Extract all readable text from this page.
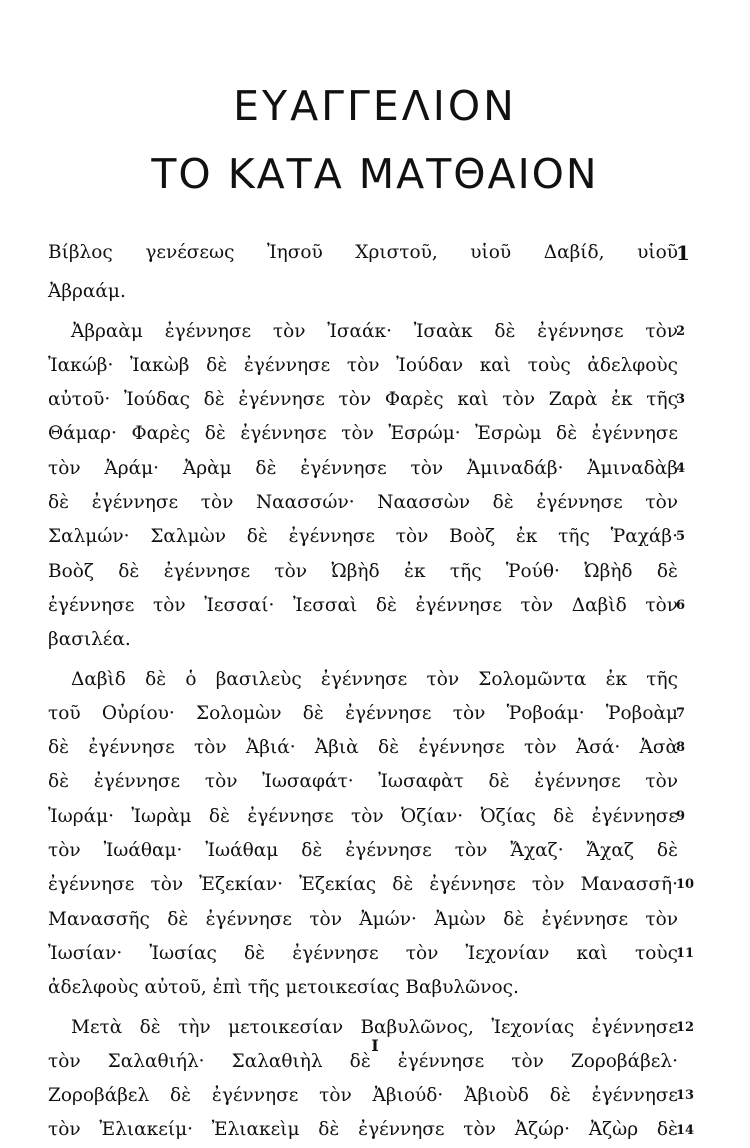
ΕΥΑΓΓΕΛΙΟΝ
ΤΟ ΚΑΤΑ ΜΑΤΘΑΙΟΝ
Βίβλος γενέσεως Ἰησοῦ Χριστοῦ, υἱοῦ Δαβίδ, υἱοῦ
Ἀβραάμ.
Ἀβραὰμ ἐγέννησε τὸν Ἰσαάκ· Ἰσαὰκ δὲ ἐγέννησε τὸν
Ἰακώβ· Ἰακὼβ δὲ ἐγέννησε τὸν Ἰούδαν καὶ τοὺς ἀδελφοὺς
αὐτοῦ· Ἰούδας δὲ ἐγέννησε τὸν Φαρὲς καὶ τὸν Ζαρὰ ἐκ τῆς
Θάμαρ· Φαρὲς δὲ ἐγέννησε τὸν Ἐσρώμ· Ἐσρὼμ δὲ ἐγέννησε
τὸν Ἀράμ· Ἀρὰμ δὲ ἐγέννησε τὸν Ἀμιναδάβ· Ἀμιναδὰβ
δὲ ἐγέννησε τὸν Ναασσών· Ναασσὼν δὲ ἐγέννησε τὸν
Σαλμών· Σαλμὼν δὲ ἐγέννησε τὸν Βοὸζ ἐκ τῆς Ῥαχάβ·
Βοὸζ δὲ ἐγέννησε τὸν Ὠβὴδ ἐκ τῆς Ῥούθ· Ὠβὴδ δὲ
ἐγέννησε τὸν Ἰεσσαί· Ἰεσσαὶ δὲ ἐγέννησε τὸν Δαβὶδ τὸν
βασιλέα.
Δαβὶδ δὲ ὁ βασιλεὺς ἐγέννησε τὸν Σολομῶντα ἐκ τῆς
τοῦ Οὐρίου· Σολομὼν δὲ ἐγέννησε τὸν Ῥοβοάμ· Ῥοβοὰμ
δὲ ἐγέννησε τὸν Ἀβιά· Ἀβιὰ δὲ ἐγέννησε τὸν Ἀσά· Ἀσὰ
δὲ ἐγέννησε τὸν Ἰωσαφάτ· Ἰωσαφὰτ δὲ ἐγέννησε τὸν
Ἰωράμ· Ἰωρὰμ δὲ ἐγέννησε τὸν Ὀζίαν· Ὀζίας δὲ ἐγέννησε
τὸν Ἰωάθαμ· Ἰωάθαμ δὲ ἐγέννησε τὸν Ἄχαζ· Ἄχαζ δὲ
ἐγέννησε τὸν Ἐζεκίαν· Ἐζεκίας δὲ ἐγέννησε τὸν Μανασσῆ·
Μανασσῆς δὲ ἐγέννησε τὸν Ἀμών· Ἀμὼν δὲ ἐγέννησε τὸν
Ἰωσίαν· Ἰωσίας δὲ ἐγέννησε τὸν Ἰεχονίαν καὶ τοὺς
ἀδελφοὺς αὐτοῦ, ἐπὶ τῆς μετοικεσίας Βαβυλῶνος.
Μετὰ δὲ τὴν μετοικεσίαν Βαβυλῶνος, Ἰεχονίας ἐγέννησε
τὸν Σαλαθιήλ· Σαλαθιὴλ δὲ ἐγέννησε τὸν Ζοροβάβελ·
Ζοροβάβελ δὲ ἐγέννησε τὸν Ἀβιούδ· Ἀβιοὺδ δὲ ἐγέννησε
τὸν Ἐλιακείμ· Ἐλιακεὶμ δὲ ἐγέννησε τὸν Ἀζώρ· Ἀζὼρ δὲ
I
1
2
3
4
5
6
7
8
9
10
11
12
13
14
